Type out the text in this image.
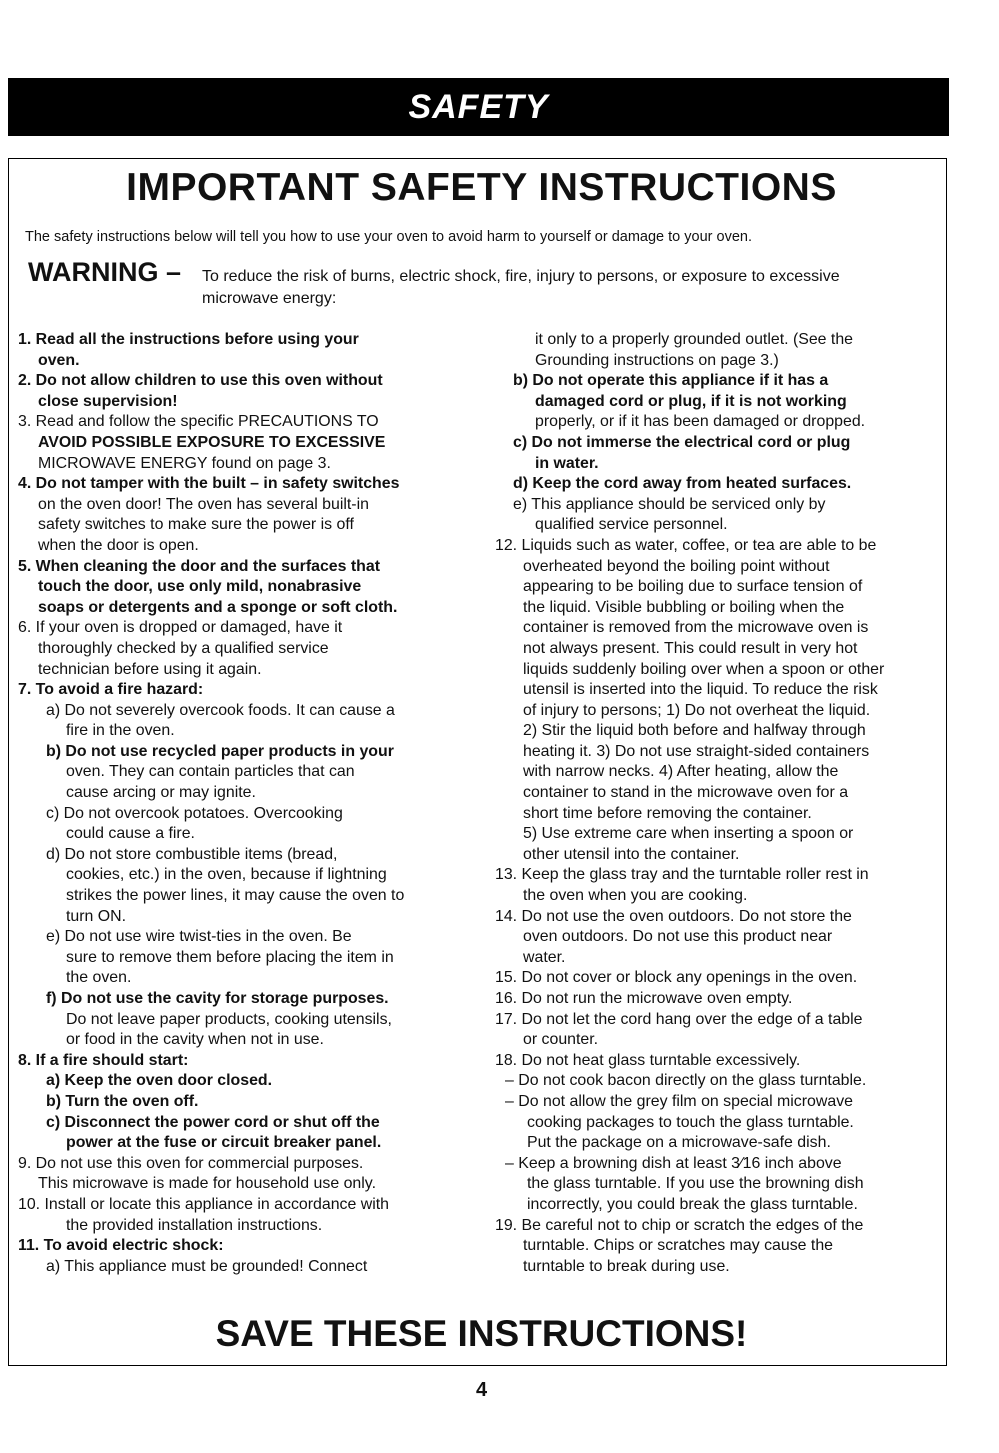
SAFETY
IMPORTANT SAFETY INSTRUCTIONS
The safety instructions below will tell you how to use your oven to avoid harm to yourself or damage to your oven.
WARNING – To reduce the risk of burns, electric shock, fire, injury to persons, or exposure to excessive
microwave energy:
1. Read all the instructions before using your
oven.
2. Do not allow children to use this oven without
close supervision!
3. Read and follow the specific PRECAUTIONS TO
AVOID POSSIBLE EXPOSURE TO EXCESSIVE
MICROWAVE ENERGY found on page 3.
4. Do not tamper with the built – in safety switches
on the oven door! The oven has several built-in
safety switches to make sure the power is off
when the door is open.
5. When cleaning the door and the surfaces that
touch the door, use only mild, nonabrasive
soaps or detergents and a sponge or soft cloth.
6. If your oven is dropped or damaged, have it
thoroughly checked by a qualified service
technician before using it again.
7. To avoid a fire hazard:
a) Do not severely overcook foods. It can cause a
fire in the oven.
b) Do not use recycled paper products in your
oven. They can contain particles that can
cause arcing or may ignite.
c) Do not overcook potatoes. Overcooking
could cause a fire.
d) Do not store combustible items (bread,
cookies, etc.) in the oven, because if lightning
strikes the power lines, it may cause the oven to
turn ON.
e) Do not use wire twist-ties in the oven. Be
sure to remove them before placing the item in
the oven.
f) Do not use the cavity for storage purposes.
Do not leave paper products, cooking utensils,
or food in the cavity when not in use.
8. If a fire should start:
a) Keep the oven door closed.
b) Turn the oven off.
c) Disconnect the power cord or shut off the
power at the fuse or circuit breaker panel.
9. Do not use this oven for commercial purposes.
This microwave is made for household use only.
10. Install or locate this appliance in accordance with
the provided installation instructions.
11. To avoid electric shock:
a) This appliance must be grounded! Connect
it only to a properly grounded outlet. (See the
Grounding instructions on page 3.)
b) Do not operate this appliance if it has a
damaged cord or plug, if it is not working
properly, or if it has been damaged or dropped.
c) Do not immerse the electrical cord or plug
in water.
d) Keep the cord away from heated surfaces.
e) This appliance should be serviced only by
qualified service personnel.
12. Liquids such as water, coffee, or tea are able to be
overheated beyond the boiling point without
appearing to be boiling due to surface tension of
the liquid. Visible bubbling or boiling when the
container is removed from the microwave oven is
not always present. This could result in very hot
liquids suddenly boiling over when a spoon or other
utensil is inserted into the liquid. To reduce the risk
of injury to persons; 1) Do not overheat the liquid.
2) Stir the liquid both before and halfway through
heating it. 3) Do not use straight-sided containers
with narrow necks. 4) After heating, allow the
container to stand in the microwave oven for a
short time before removing the container.
5) Use extreme care when inserting a spoon or
other utensil into the container.
13. Keep the glass tray and the turntable roller rest in
the oven when you are cooking.
14. Do not use the oven outdoors. Do not store the
oven outdoors. Do not use this product near
water.
15. Do not cover or block any openings in the oven.
16. Do not run the microwave oven empty.
17. Do not let the cord hang over the edge of a table
or counter.
18. Do not heat glass turntable excessively.
– Do not cook bacon directly on the glass turntable.
– Do not allow the grey film on special microwave
cooking packages to touch the glass turntable.
Put the package on a microwave-safe dish.
– Keep a browning dish at least 3⁄16 inch above
the glass turntable. If you use the browning dish
incorrectly, you could break the glass turntable.
19. Be careful not to chip or scratch the edges of the
turntable. Chips or scratches may cause the
turntable to break during use.
SAVE THESE INSTRUCTIONS!
4
